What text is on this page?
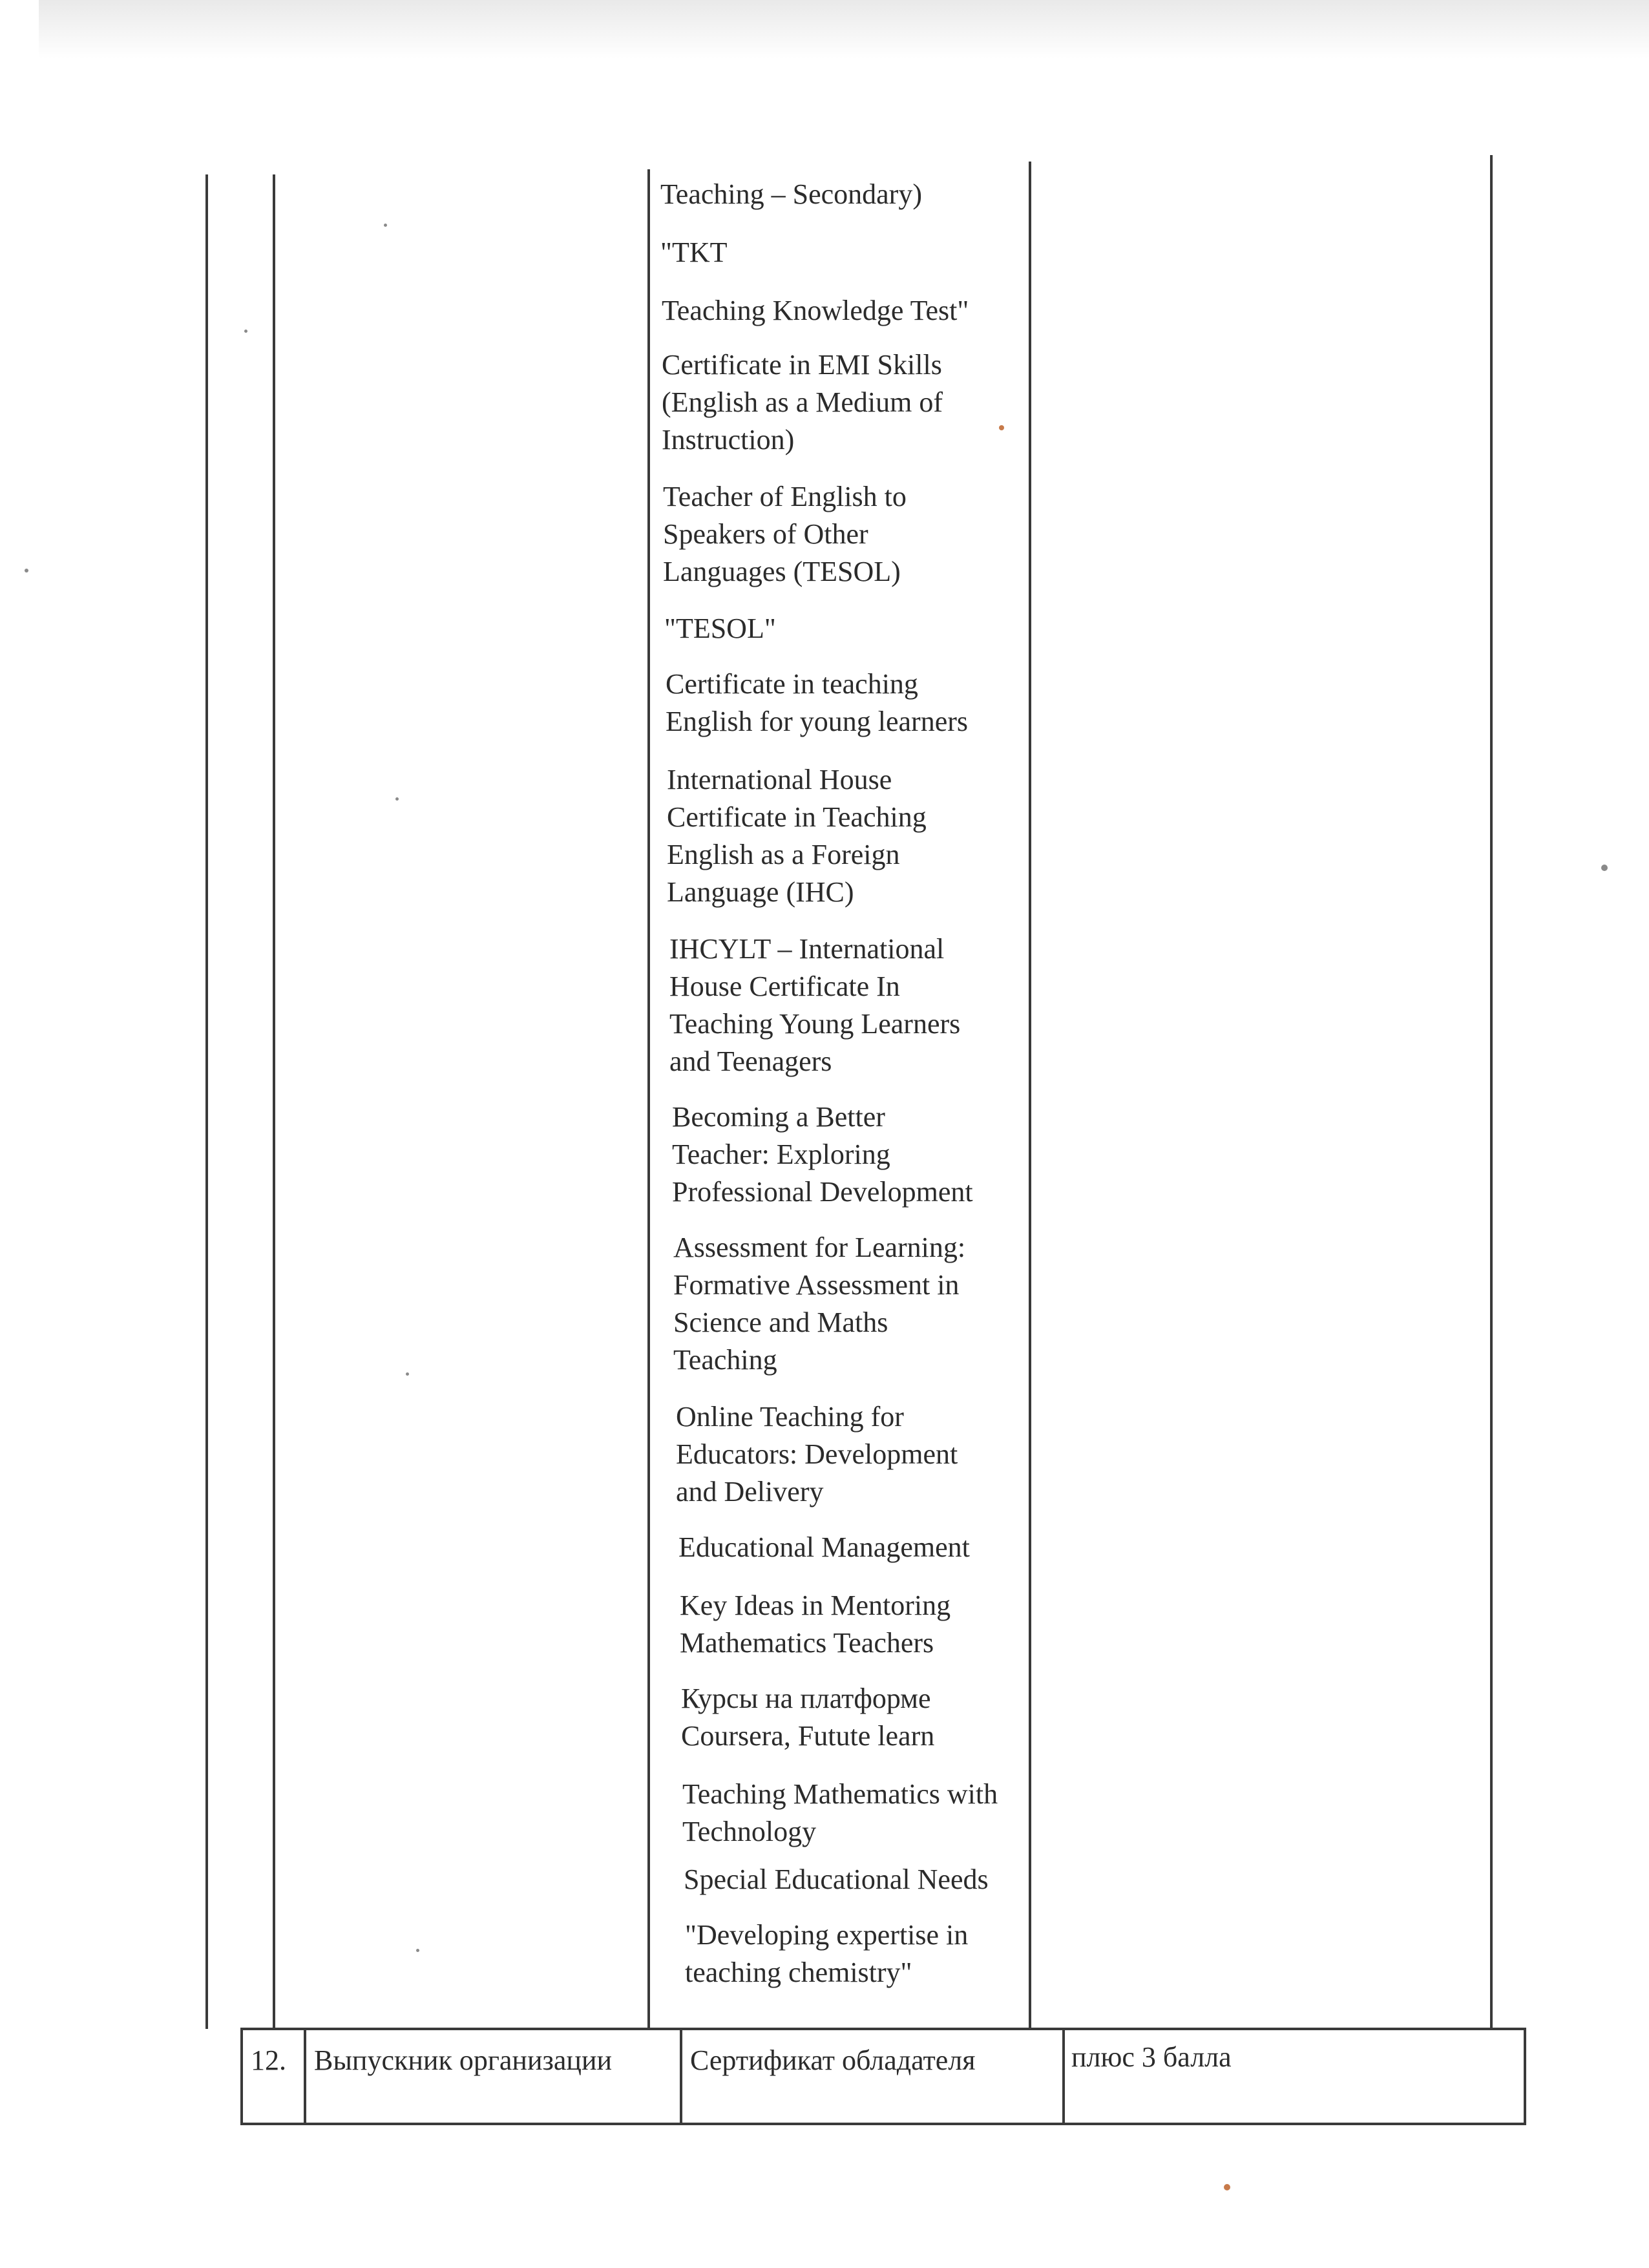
Teaching – Secondary)
"TKT
Teaching Knowledge Test"
Certificate in EMI Skills
(English as a Medium of
Instruction)
Teacher of English to
Speakers of Other
Languages (TESOL)
"TESOL"
Certificate in teaching
English for young learners
International House
Certificate in Teaching
English as a Foreign
Language (IHC)
IHCYLT – International
House Certificate In
Teaching Young Learners
and Teenagers
Becoming a Better
Teacher: Exploring
Professional Development
Assessment for Learning:
Formative Assessment in
Science and Maths
Teaching
Online Teaching for
Educators: Development
and Delivery
Educational Management
Key Ideas in Mentoring
Mathematics Teachers
Курсы на платформе
Coursera, Futute learn
Teaching Mathematics with
Technology
Special Educational Needs
"Developing expertise in
teaching chemistry"
12. Выпускник организации	Сертификат обладателя	плюс 3 балла
